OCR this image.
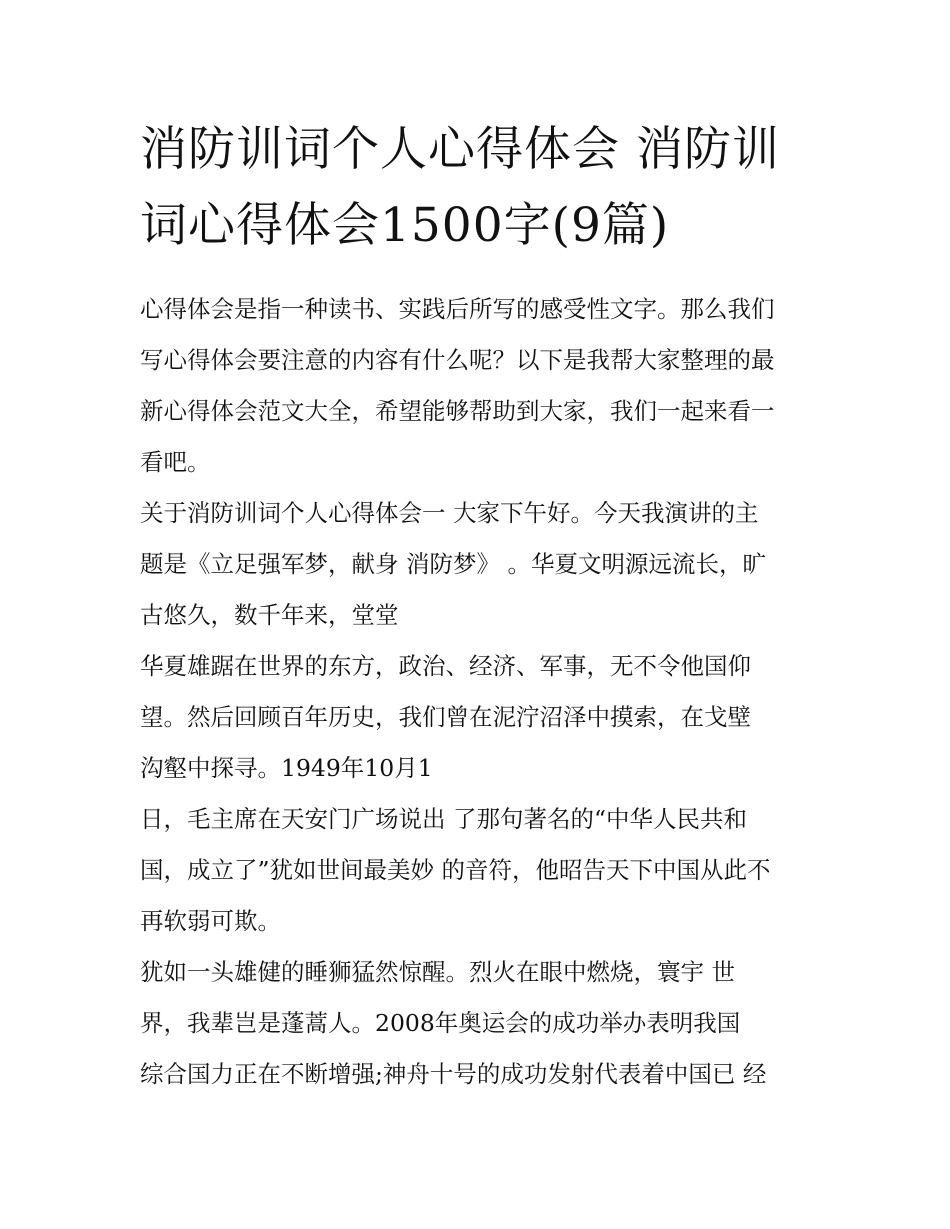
消防训词个人心得体会 消防训
词心得体会1500字(9篇)
心得体会是指一种读书、实践后所写的感受性文字。那么我们
写心得体会要注意的内容有什么呢？以下是我帮大家整理的最
新心得体会范文大全，希望能够帮助到大家，我们一起来看一
看吧。
关于消防训词个人心得体会一 大家下午好。今天我演讲的主
题是《立足强军梦，献身 消防梦》 。华夏文明源远流长，旷
古悠久，数千年来，堂堂
华夏雄踞在世界的东方，政治、经济、军事，无不令他国仰
望。然后回顾百年历史，我们曾在泥泞沼泽中摸索，在戈壁
沟壑中探寻。1949年10月1
日，毛主席在天安门广场说出 了那句著名的“中华人民共和
国，成立了”犹如世间最美妙 的音符，他昭告天下中国从此不
再软弱可欺。
犹如一头雄健的睡狮猛然惊醒。烈火在眼中燃烧，寰宇 世
界，我辈岂是蓬蒿人。2008年奥运会的成功举办表明我国
综合国力正在不断增强;神舟十号的成功发射代表着中国已 经
